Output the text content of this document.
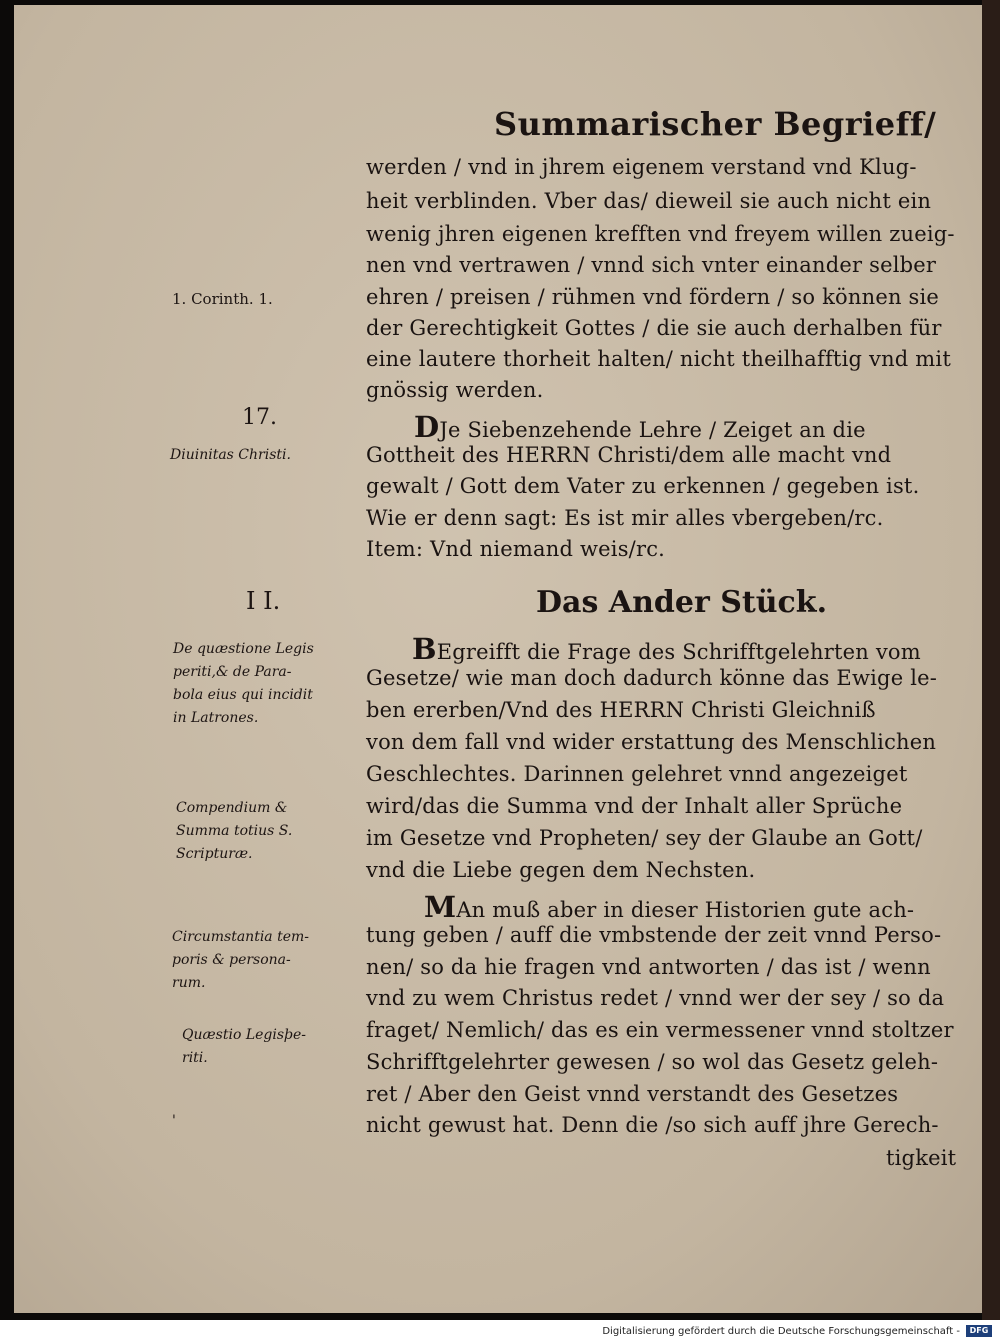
Summarischer Begrieff/
werden / vnd in jhrem eigenem verstand vnd Klug-
heit verblinden. Vber das/ dieweil sie auch nicht ein
wenig jhren eigenen krefften vnd freyem willen zueig-
nen vnd vertrawen / vnnd sich vnter einander selber
ehren / preisen / rühmen vnd fördern / so können sie
der Gerechtigkeit Gottes / die sie auch derhalben für
eine lautere thorheit halten/ nicht theilhafftig vnd mit
gnössig werden.
DJe Siebenzehende Lehre / Zeiget an die
Gottheit des HERRN Christi/dem alle macht vnd
gewalt / Gott dem Vater zu erkennen / gegeben ist.
Wie er denn sagt: Es ist mir alles vbergeben/rc.
Item: Vnd niemand weis/rc.
Das Ander Stück.
BEgreifft die Frage des Schrifftgelehrten vom
Gesetze/ wie man doch dadurch könne das Ewige le-
ben ererben/Vnd des HERRN Christi Gleichniß
von dem fall vnd wider erstattung des Menschlichen
Geschlechtes. Darinnen gelehret vnnd angezeiget
wird/das die Summa vnd der Inhalt aller Sprüche
im Gesetze vnd Propheten/ sey der Glaube an Gott/
vnd die Liebe gegen dem Nechsten.
MAn muß aber in dieser Historien gute ach-
tung geben / auff die vmbstende der zeit vnnd Perso-
nen/ so da hie fragen vnd antworten / das ist / wenn
vnd zu wem Christus redet / vnnd wer der sey / so da
fraget/ Nemlich/ das es ein vermessener vnnd stoltzer
Schrifftgelehrter gewesen / so wol das Gesetz geleh-
ret / Aber den Geist vnnd verstandt des Gesetzes
nicht gewust hat. Denn die /so sich auff jhre Gerech-
tigkeit
1. Corinth. 1.
17.
Diuinitas Christi.
I I.
De quæstione Legis
periti,& de Para-
bola eius qui incidit
in Latrones.
Compendium &
Summa totius S.
Scripturæ.
Circumstantia tem-
poris & persona-
rum.
Quæstio Legisþe-
riti.
'
Digitalisierung gefördert durch die Deutsche Forschungsgemeinschaft -	DFG
